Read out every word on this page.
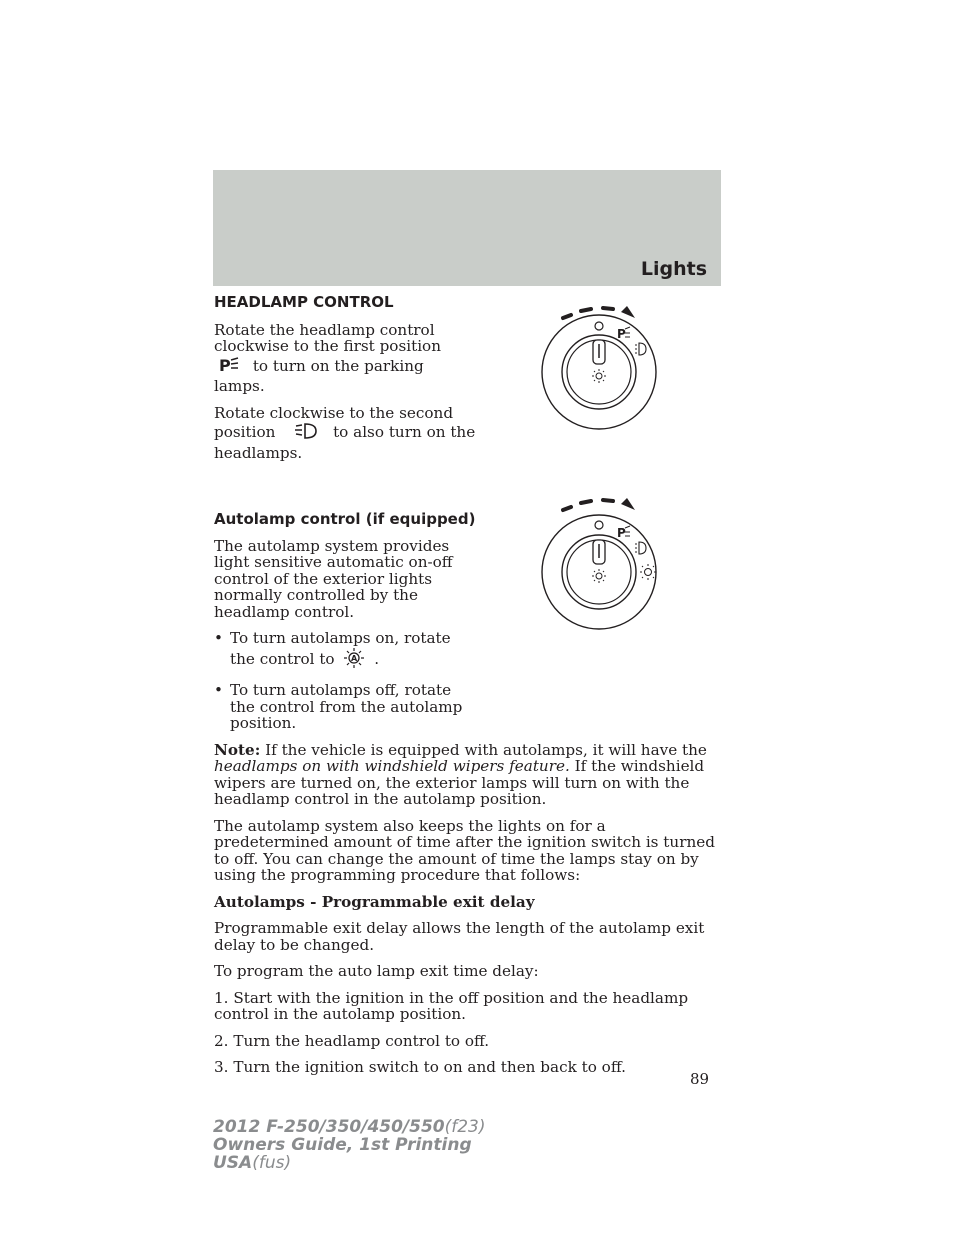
Lights
HEADLAMP CONTROL

Rotate the headlamp control clockwise to the first position
P to turn on the parking lamps.

Rotate clockwise to the second position	to also turn on the headlamps.

Autolamp control (if equipped)

The autolamp system provides light sensitive automatic on-off control of the exterior lights normally controlled by the headlamp control.

• To turn autolamps on, rotate the control to A .
• To turn autolamps off, rotate the control from the autolamp position.

Note: If the vehicle is equipped with autolamps, it will have the headlamps on with windshield wipers feature. If the windshield wipers are turned on, the exterior lamps will turn on with the headlamp control in the autolamp position.

The autolamp system also keeps the lights on for a predetermined amount of time after the ignition switch is turned to off. You can change the amount of time the lamps stay on by using the programming procedure that follows:

Autolamps - Programmable exit delay

Programmable exit delay allows the length of the autolamp exit delay to be changed.

To program the auto lamp exit time delay:

1. Start with the ignition in the off position and the headlamp control in the autolamp position.

2. Turn the headlamp control to off.

3. Turn the ignition switch to on and then back to off.

P
P
89
2012 F-250/350/450/550(f23)
Owners Guide, 1st Printing
USA(fus)
